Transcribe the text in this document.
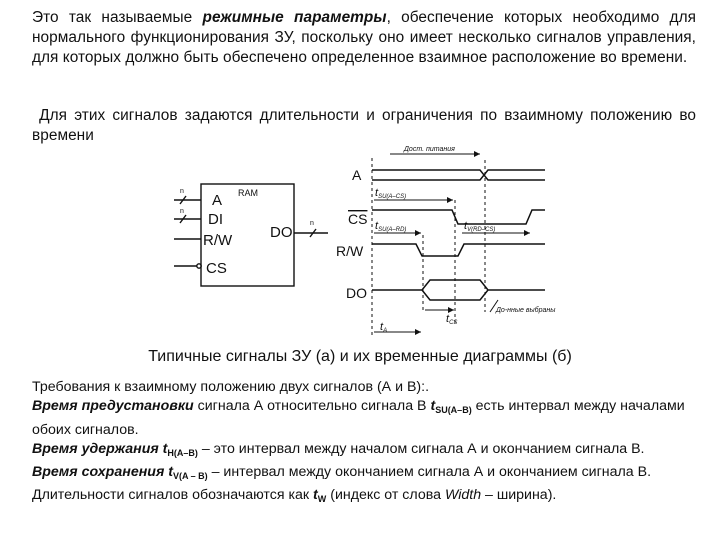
Это так называемые режимные параметры, обеспечение которых необходимо для нормального функционирования ЗУ, поскольку оно имеет несколько сигналов управления, для которых должно быть обеспечено определенное взаимное расположение во времени.
Для этих сигналов задаются длительности и ограничения по взаимному положению во времени
n
n
n
RAM
A
DI
R/W
CS
DO
A
CS
R/W
DO
Дост. питания
tSU(A–CS)
tSU(A–RD)	tV(RD–CS)
tCS
tA
До-нные выбраны
Типичные сигналы ЗУ (а) и их временные диаграммы (б)
Требования к взаимному положению двух сигналов (А и В):.
Время предустановки сигнала А относительно сигнала В $t_{SU(A-B)}$ есть интервал между началами обоих сигналов.
Время удержания $t_{H(A-B)}$ – это интервал между началом сигнала А и окончанием сигнала В.
Время сохранения $t_{V(A - B)}$ – интервал между окончанием сигнала А и окончанием сигнала В.
Длительности сигналов обозначаются как $t_W$ (индекс от слова Width – ширина).
